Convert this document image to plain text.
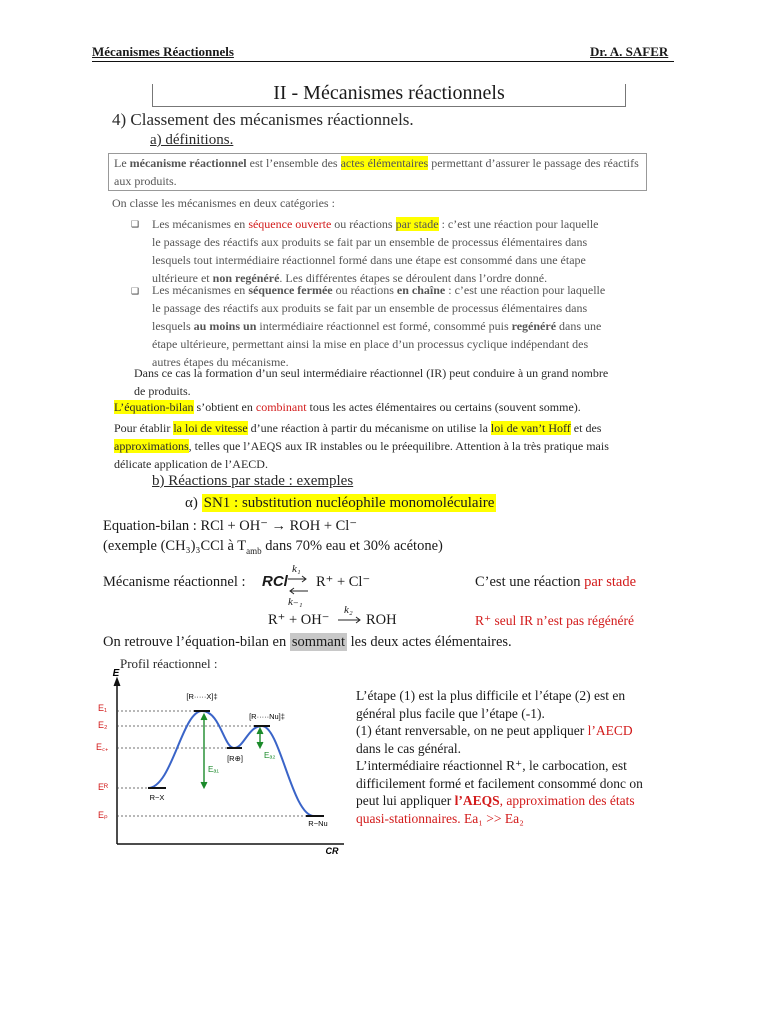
Mécanismes Réactionnels	Dr. A. SAFER
II - Mécanismes réactionnels
4) Classement des mécanismes réactionnels.
a) définitions.
Le mécanisme réactionnel est l’ensemble des actes élémentaires permettant d’assurer le passage des réactifs aux produits.
On classe les mécanismes en deux catégories :
❑ Les mécanismes en séquence ouverte ou réactions par stade : c’est une réaction pour laquelle
le passage des réactifs aux produits se fait par un ensemble de processus élémentaires dans
lesquels tout intermédiaire réactionnel formé dans une étape est consommé dans une étape
ultérieure et non regénéré. Les différentes étapes se déroulent dans l’ordre donné.
❑ Les mécanismes en séquence fermée ou réactions en chaîne : c’est une réaction pour laquelle
le passage des réactifs aux produits se fait par un ensemble de processus élémentaires dans
lesquels au moins un intermédiaire réactionnel est formé, consommé puis regénéré dans une
étape ultérieure, permettant ainsi la mise en place d’un processus cyclique indépendant des
autres étapes du mécanisme.
Dans ce cas la formation d’un seul intermédiaire réactionnel (IR) peut conduire à un grand nombre
de produits.
L’équation-bilan s’obtient en combinant tous les actes élémentaires ou certains (souvent somme).
Pour établir la loi de vitesse d’une réaction à partir du mécanisme on utilise la loi de van’t Hoff et des
approximations, telles que l’AEQS aux IR instables ou le préequilibre. Attention à la très pratique mais
délicate application de l’AECD.
b) Réactions par stade : exemples
α) SN1 : substitution nucléophile monomoléculaire
Equation-bilan : RCl + OH⁻ → ROH + Cl⁻
(exemple (CH₃)₃CCl à $T_{amb}$ dans 70% eau et 30% acétone)
Mécanisme réactionnel : RCl
k₁
k₋₁
R⁺ + Cl⁻	C’est une réaction par stade
R⁺ + OH⁻
k₂
→ ROH	R⁺ seul IR n’est pas régénéré
On retrouve l’équation-bilan en sommant les deux actes élémentaires.
Profil réactionnel :
E
CR
E₁
E₂
E꜀₊
Eᴿ
Eₚ
[R·····X]‡
[R·····Nu]‡
[R⊕]
R−X
R−Nu
Eₐ₁
Eₐ₂
L’étape (1) est la plus difficile et l’étape (2) est en
général plus facile que l’étape (-1).
(1) étant renversable, on ne peut appliquer l’AECD
dans le cas général.
L’intermédiaire réactionnel R⁺, le carbocation, est
difficilement formé et facilement consommé donc on
peut lui appliquer l’AEQS, approximation des états
quasi-stationnaires. Ea₁ >> Ea₂
